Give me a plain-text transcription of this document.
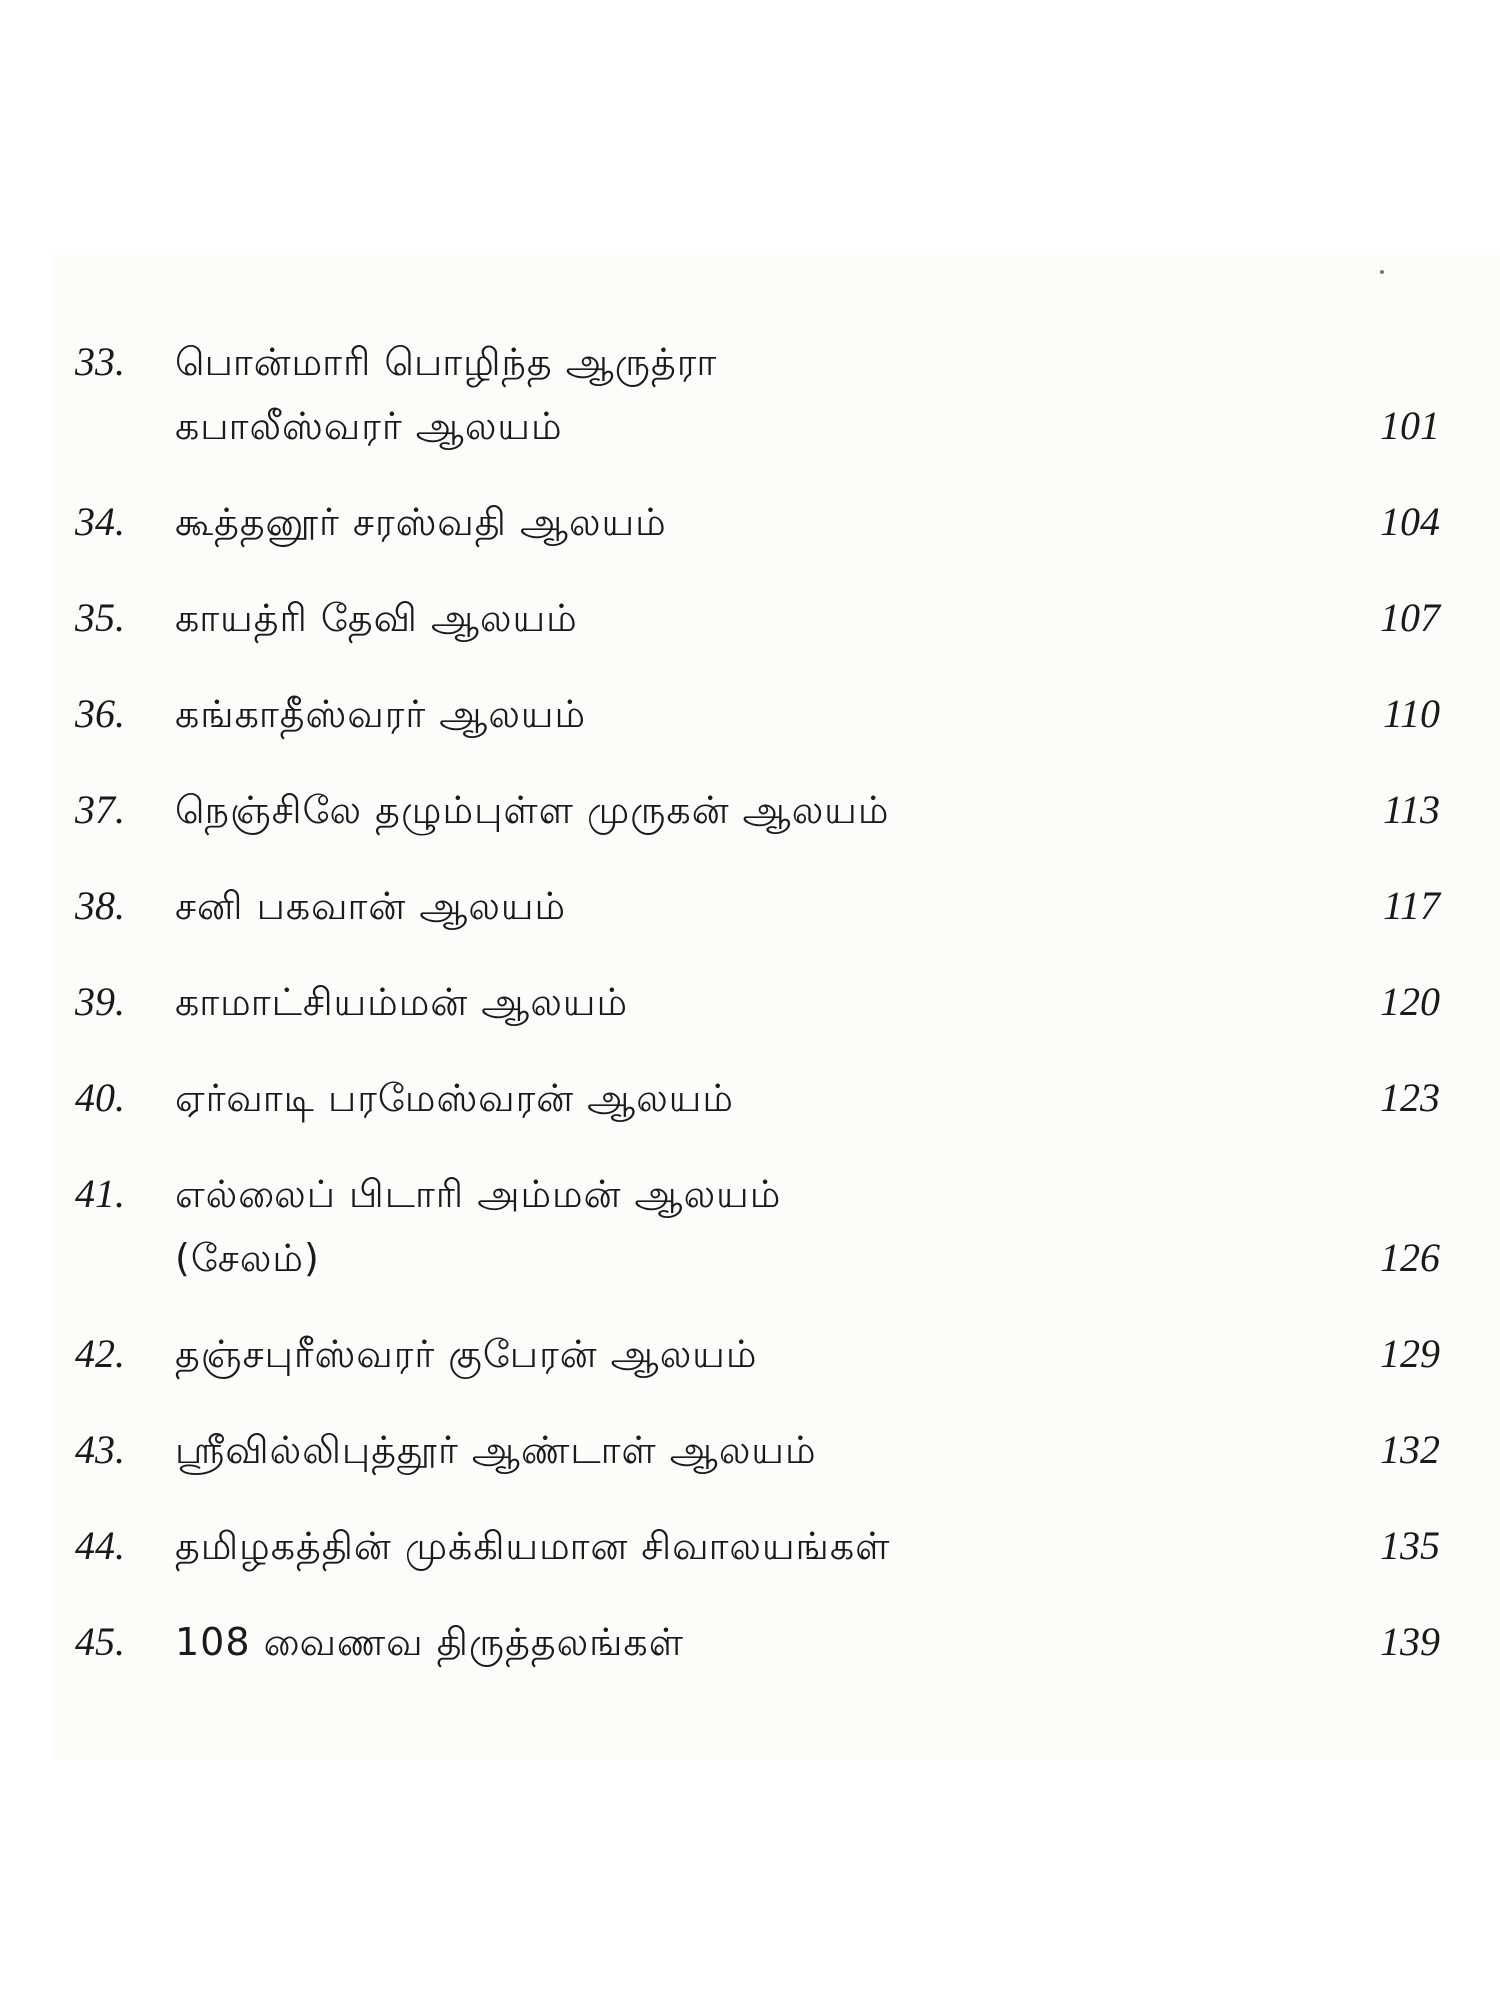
33.	பொன்மாரி பொழிந்த ஆருத்ரா
கபாலீஸ்வரர் ஆலயம்	101
34.	கூத்தனூர் சரஸ்வதி ஆலயம்	104
35.	காயத்ரி தேவி ஆலயம்	107
36.	கங்காதீஸ்வரர் ஆலயம்	110
37.	நெஞ்சிலே தழும்புள்ள முருகன் ஆலயம்	113
38.	சனி பகவான் ஆலயம்	117
39.	காமாட்சியம்மன் ஆலயம்	120
40.	ஏர்வாடி பரமேஸ்வரன் ஆலயம்	123
41.	எல்லைப் பிடாரி அம்மன் ஆலயம்
(சேலம்)	126
42.	தஞ்சபுரீஸ்வரர் குபேரன் ஆலயம்	129
43.	ஸ்ரீவில்லிபுத்தூர் ஆண்டாள் ஆலயம்	132
44.	தமிழகத்தின் முக்கியமான சிவாலயங்கள்	135
45.	108 வைணவ திருத்தலங்கள்	139
